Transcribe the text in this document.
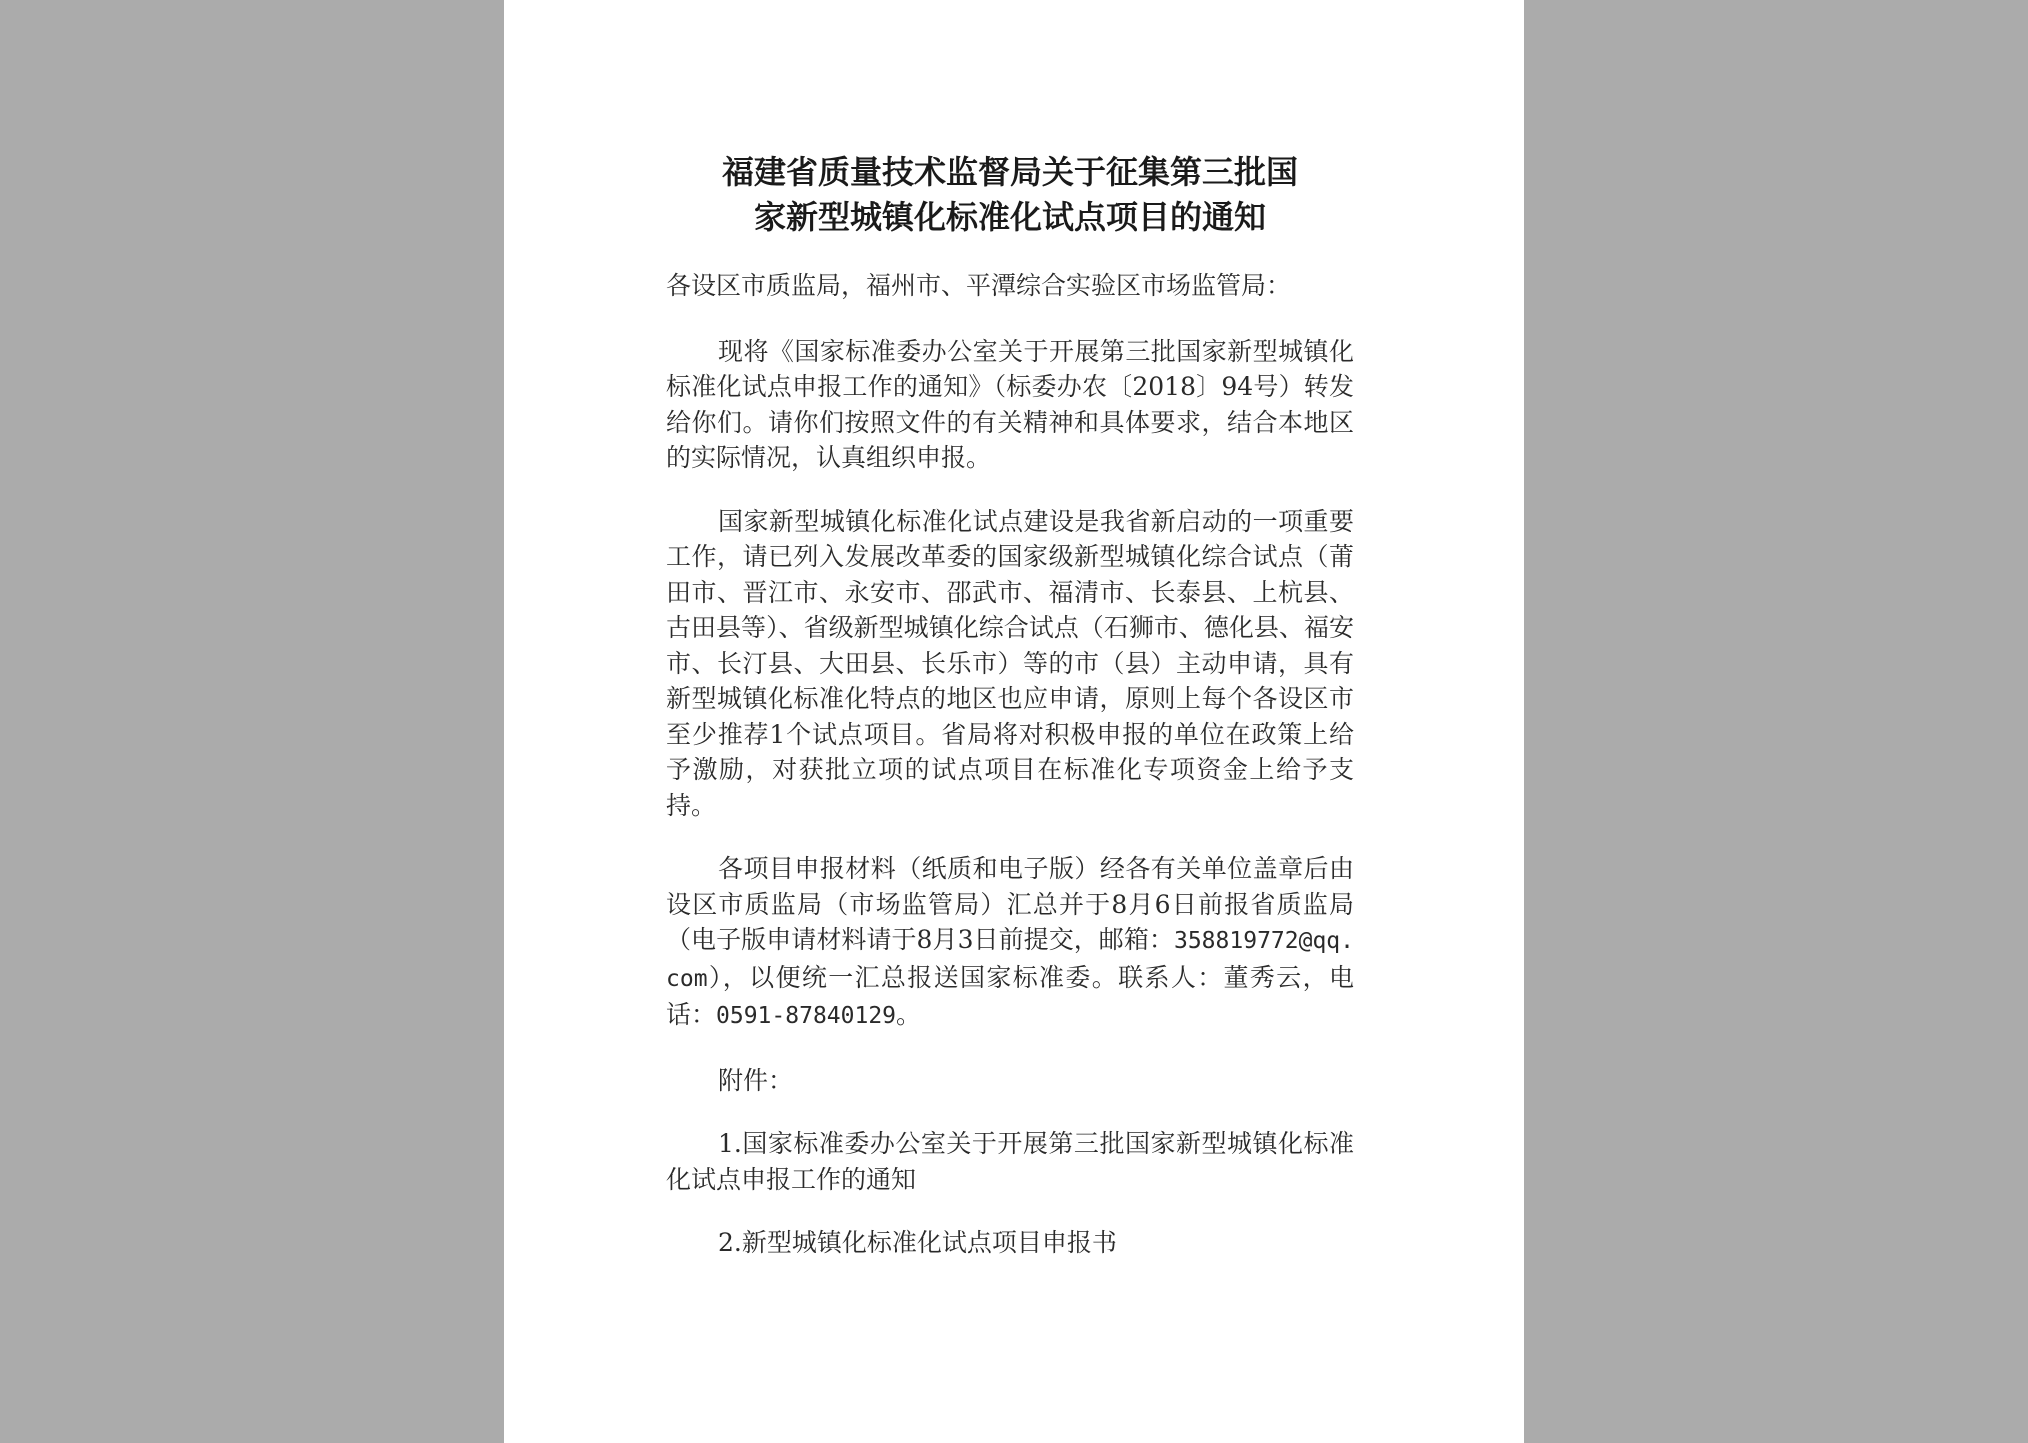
福建省质量技术监督局关于征集第三批国
家新型城镇化标准化试点项目的通知

各设区市质监局，福州市、平潭综合实验区市场监管局：

现将《国家标准委办公室关于开展第三批国家新型城镇化标准化试点申报工作的通知》（标委办农〔2018〕94号）转发给你们。请你们按照文件的有关精神和具体要求，结合本地区的实际情况，认真组织申报。

国家新型城镇化标准化试点建设是我省新启动的一项重要工作，请已列入发展改革委的国家级新型城镇化综合试点（莆田市、晋江市、永安市、邵武市、福清市、长泰县、上杭县、古田县等）、省级新型城镇化综合试点（石狮市、德化县、福安市、长汀县、大田县、长乐市）等的市（县）主动申请，具有新型城镇化标准化特点的地区也应申请，原则上每个各设区市至少推荐1个试点项目。省局将对积极申报的单位在政策上给予激励，对获批立项的试点项目在标准化专项资金上给予支持。

各项目申报材料（纸质和电子版）经各有关单位盖章后由设区市质监局（市场监管局）汇总并于8月6日前报省质监局（电子版申请材料请于8月3日前提交，邮箱：358819772@qq.com），以便统一汇总报送国家标准委。联系人：董秀云，电话：0591-87840129。

附件：

1.国家标准委办公室关于开展第三批国家新型城镇化标准化试点申报工作的通知

2.新型城镇化标准化试点项目申报书
